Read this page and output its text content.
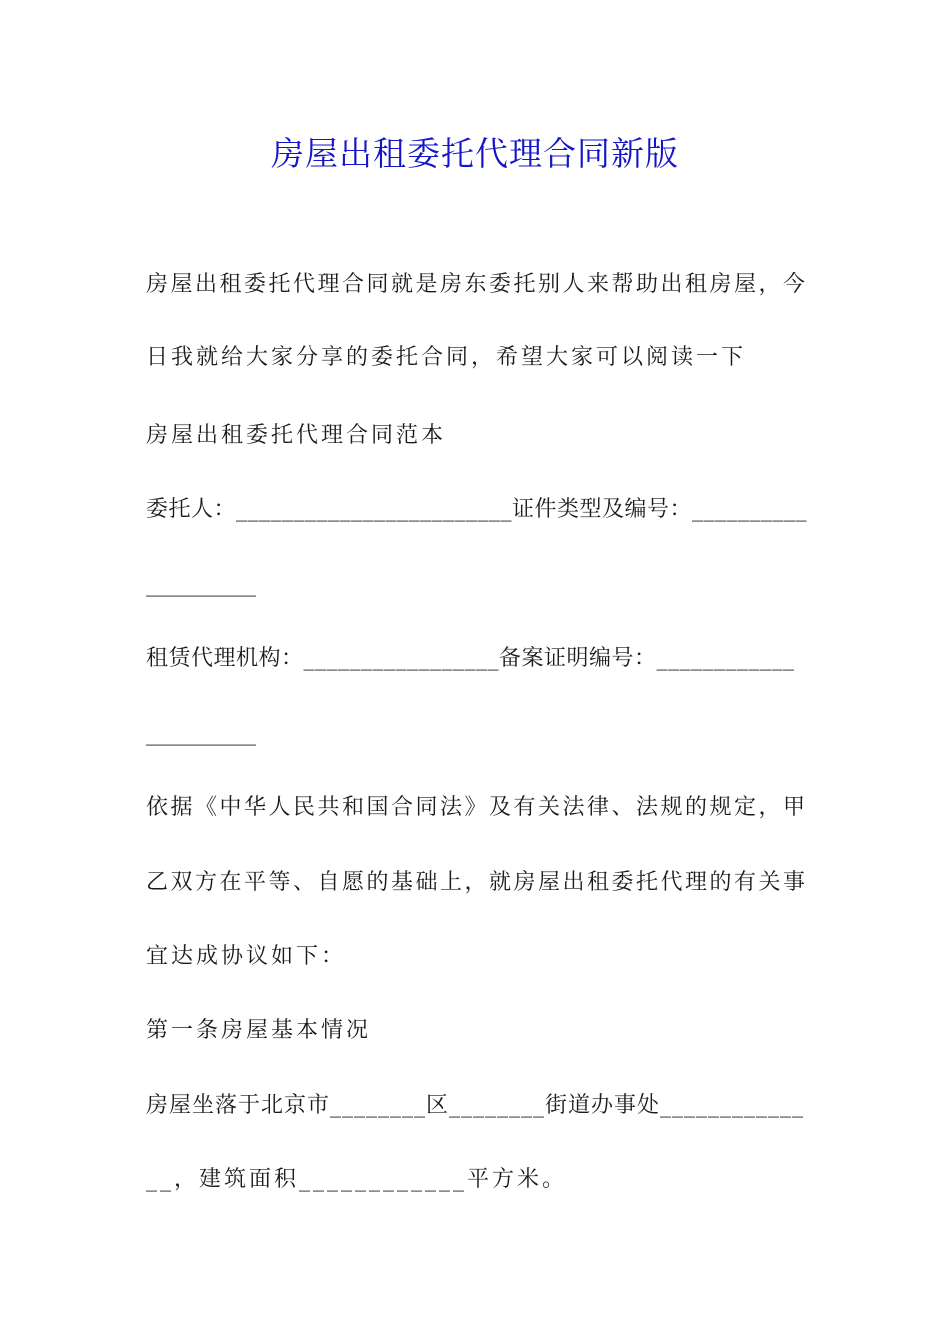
房屋出租委托代理合同新版

房屋出租委托代理合同就是房东委托别人来帮助出租房屋，今

日我就给大家分享的委托合同，希望大家可以阅读一下

房屋出租委托代理合同范本

委托人：________________________证件类型及编号：__________

__________

租赁代理机构：_________________备案证明编号：____________

__________

依据《中华人民共和国合同法》及有关法律、法规的规定，甲

乙双方在平等、自愿的基础上，就房屋出租委托代理的有关事

宜达成协议如下：

第一条房屋基本情况

房屋坐落于北京市________区________街道办事处____________

__，建筑面积____________平方米。
